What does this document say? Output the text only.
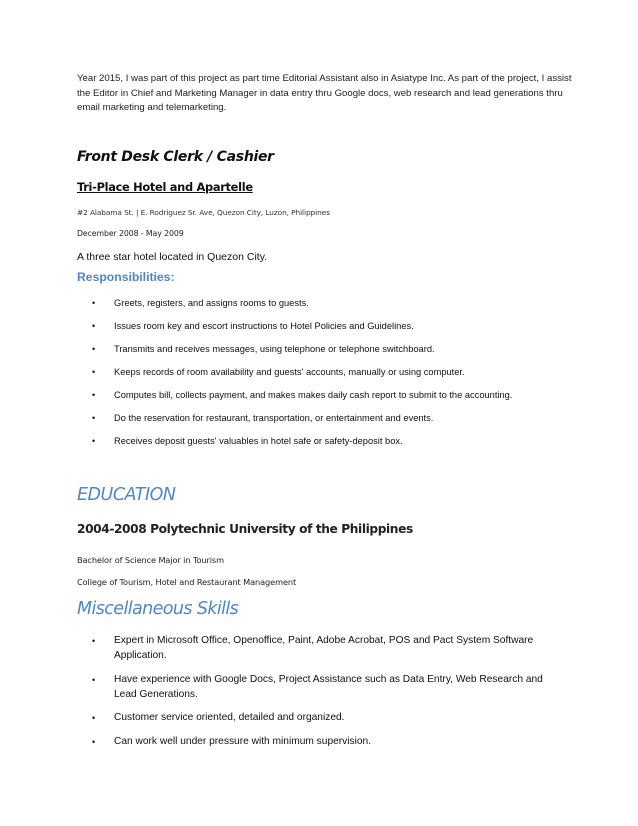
Year 2015, I was part of this project as part time Editorial Assistant also in Asiatype Inc. As part of the project, I assist the Editor in Chief and Marketing Manager in data entry thru Google docs, web research and lead generations thru email marketing and telemarketing.
Front Desk Clerk / Cashier
Tri-Place Hotel and Apartelle
#2 Alabama St. | E. Rodriguez Sr. Ave, Quezon City, Luzon, Philippines
December 2008 - May 2009
A three star hotel located in Quezon City.
Responsibilities:
• Greets, registers, and assigns rooms to guests.
• Issues room key and escort instructions to Hotel Policies and Guidelines.
• Transmits and receives messages, using telephone or telephone switchboard.
• Keeps records of room availability and guests' accounts, manually or using computer.
• Computes bill, collects payment, and makes makes daily cash report to submit to the accounting.
• Do the reservation for restaurant, transportation, or entertainment and events.
• Receives deposit guests' valuables in hotel safe or safety-deposit box.
EDUCATION
2004-2008 Polytechnic University of the Philippines
Bachelor of Science Major in Tourism
College of Tourism, Hotel and Restaurant Management
Miscellaneous Skills
• Expert in Microsoft Office, Openoffice, Paint, Adobe Acrobat, POS and Pact System Software Application.
• Have experience with Google Docs, Project Assistance such as Data Entry, Web Research and Lead Generations.
• Customer service oriented, detailed and organized.
• Can work well under pressure with minimum supervision.
